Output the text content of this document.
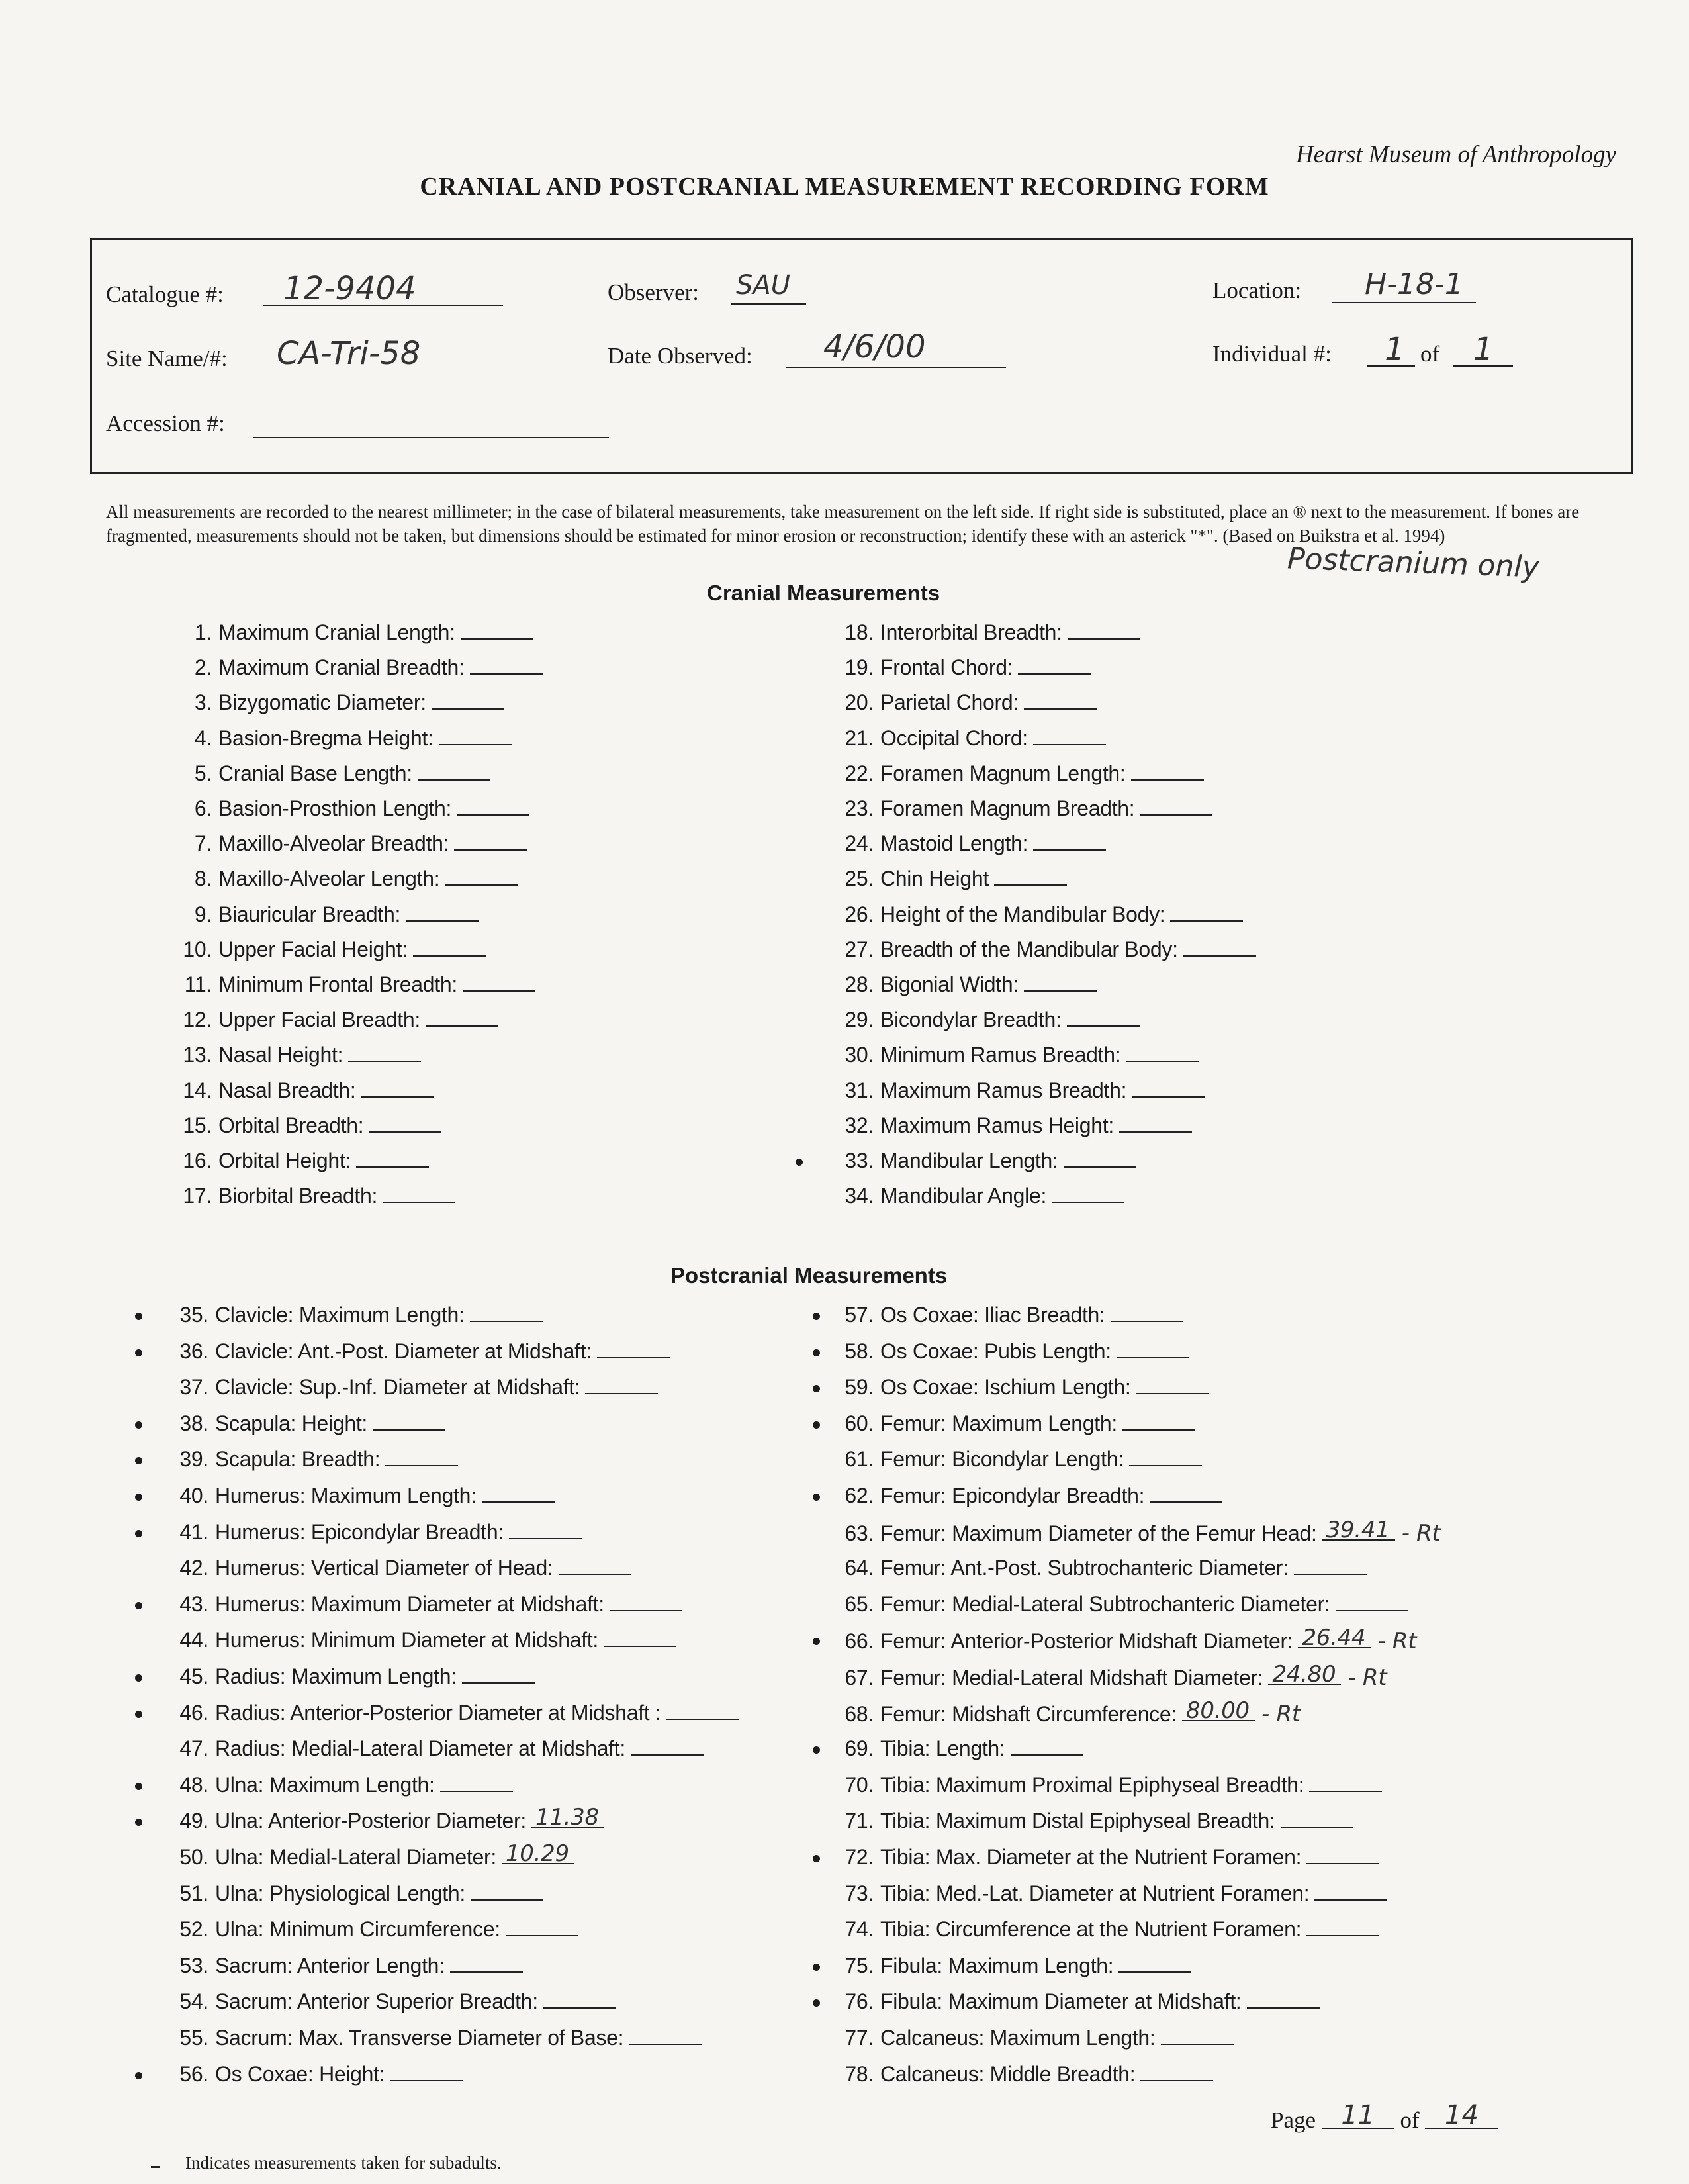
Hearst Museum of Anthropology
CRANIAL AND POSTCRANIAL MEASUREMENT RECORDING FORM
Catalogue #: 12-9404	Observer: SAU	Location: H-18-1
Site Name/#: CA-Tri-58	Date Observed: 4/6/00	Individual #: 1 of 1
Accession #:
All measurements are recorded to the nearest millimeter; in the case of bilateral measurements, take measurement on the left side. If right side is substituted, place an ® next to the measurement. If bones are fragmented, measurements should not be taken, but dimensions should be estimated for minor erosion or reconstruction; identify these with an asterick "*". (Based on Buikstra et al. 1994)
Postcranium only
Cranial Measurements
Postcranial Measurements
1. Maximum Cranial Length:
2. Maximum Cranial Breadth:
3. Bizygomatic Diameter:
4. Basion-Bregma Height:
5. Cranial Base Length:
6. Basion-Prosthion Length:
7. Maxillo-Alveolar Breadth:
8. Maxillo-Alveolar Length:
9. Biauricular Breadth:
10. Upper Facial Height:
11. Minimum Frontal Breadth:
12. Upper Facial Breadth:
13. Nasal Height:
14. Nasal Breadth:
15. Orbital Breadth:
16. Orbital Height:
17. Biorbital Breadth:
18. Interorbital Breadth:
19. Frontal Chord:
20. Parietal Chord:
21. Occipital Chord:
22. Foramen Magnum Length:
23. Foramen Magnum Breadth:
24. Mastoid Length:
25. Chin Height
26. Height of the Mandibular Body:
27. Breadth of the Mandibular Body:
28. Bigonial Width:
29. Bicondylar Breadth:
30. Minimum Ramus Breadth:
31. Maximum Ramus Breadth:
32. Maximum Ramus Height:
33. Mandibular Length:
34. Mandibular Angle:
35. Clavicle: Maximum Length:
36. Clavicle: Ant.-Post. Diameter at Midshaft:
37. Clavicle: Sup.-Inf. Diameter at Midshaft:
38. Scapula: Height:
39. Scapula: Breadth:
40. Humerus: Maximum Length:
41. Humerus: Epicondylar Breadth:
42. Humerus: Vertical Diameter of Head:
43. Humerus: Maximum Diameter at Midshaft:
44. Humerus: Minimum Diameter at Midshaft:
45. Radius: Maximum Length:
46. Radius: Anterior-Posterior Diameter at Midshaft :
47. Radius: Medial-Lateral Diameter at Midshaft:
48. Ulna: Maximum Length:
49. Ulna: Anterior-Posterior Diameter: 11.38
50. Ulna: Medial-Lateral Diameter: 10.29
51. Ulna: Physiological Length:
52. Ulna: Minimum Circumference:
53. Sacrum: Anterior Length:
54. Sacrum: Anterior Superior Breadth:
55. Sacrum: Max. Transverse Diameter of Base:
56. Os Coxae: Height:
57. Os Coxae: Iliac Breadth:
58. Os Coxae: Pubis Length:
59. Os Coxae: Ischium Length:
60. Femur: Maximum Length:
61. Femur: Bicondylar Length:
62. Femur: Epicondylar Breadth:
63. Femur: Maximum Diameter of the Femur Head: 39.41 - Rt
64. Femur: Ant.-Post. Subtrochanteric Diameter:
65. Femur: Medial-Lateral Subtrochanteric Diameter:
66. Femur: Anterior-Posterior Midshaft Diameter: 26.44 - Rt
67. Femur: Medial-Lateral Midshaft Diameter: 24.80 - Rt
68. Femur: Midshaft Circumference: 80.00 - Rt
69. Tibia: Length:
70. Tibia: Maximum Proximal Epiphyseal Breadth:
71. Tibia: Maximum Distal Epiphyseal Breadth:
72. Tibia: Max. Diameter at the Nutrient Foramen:
73. Tibia: Med.-Lat. Diameter at Nutrient Foramen:
74. Tibia: Circumference at the Nutrient Foramen:
75. Fibula: Maximum Length:
76. Fibula: Maximum Diameter at Midshaft:
77. Calcaneus: Maximum Length:
78. Calcaneus: Middle Breadth:
Page 11 of 14
Indicates measurements taken for subadults.
